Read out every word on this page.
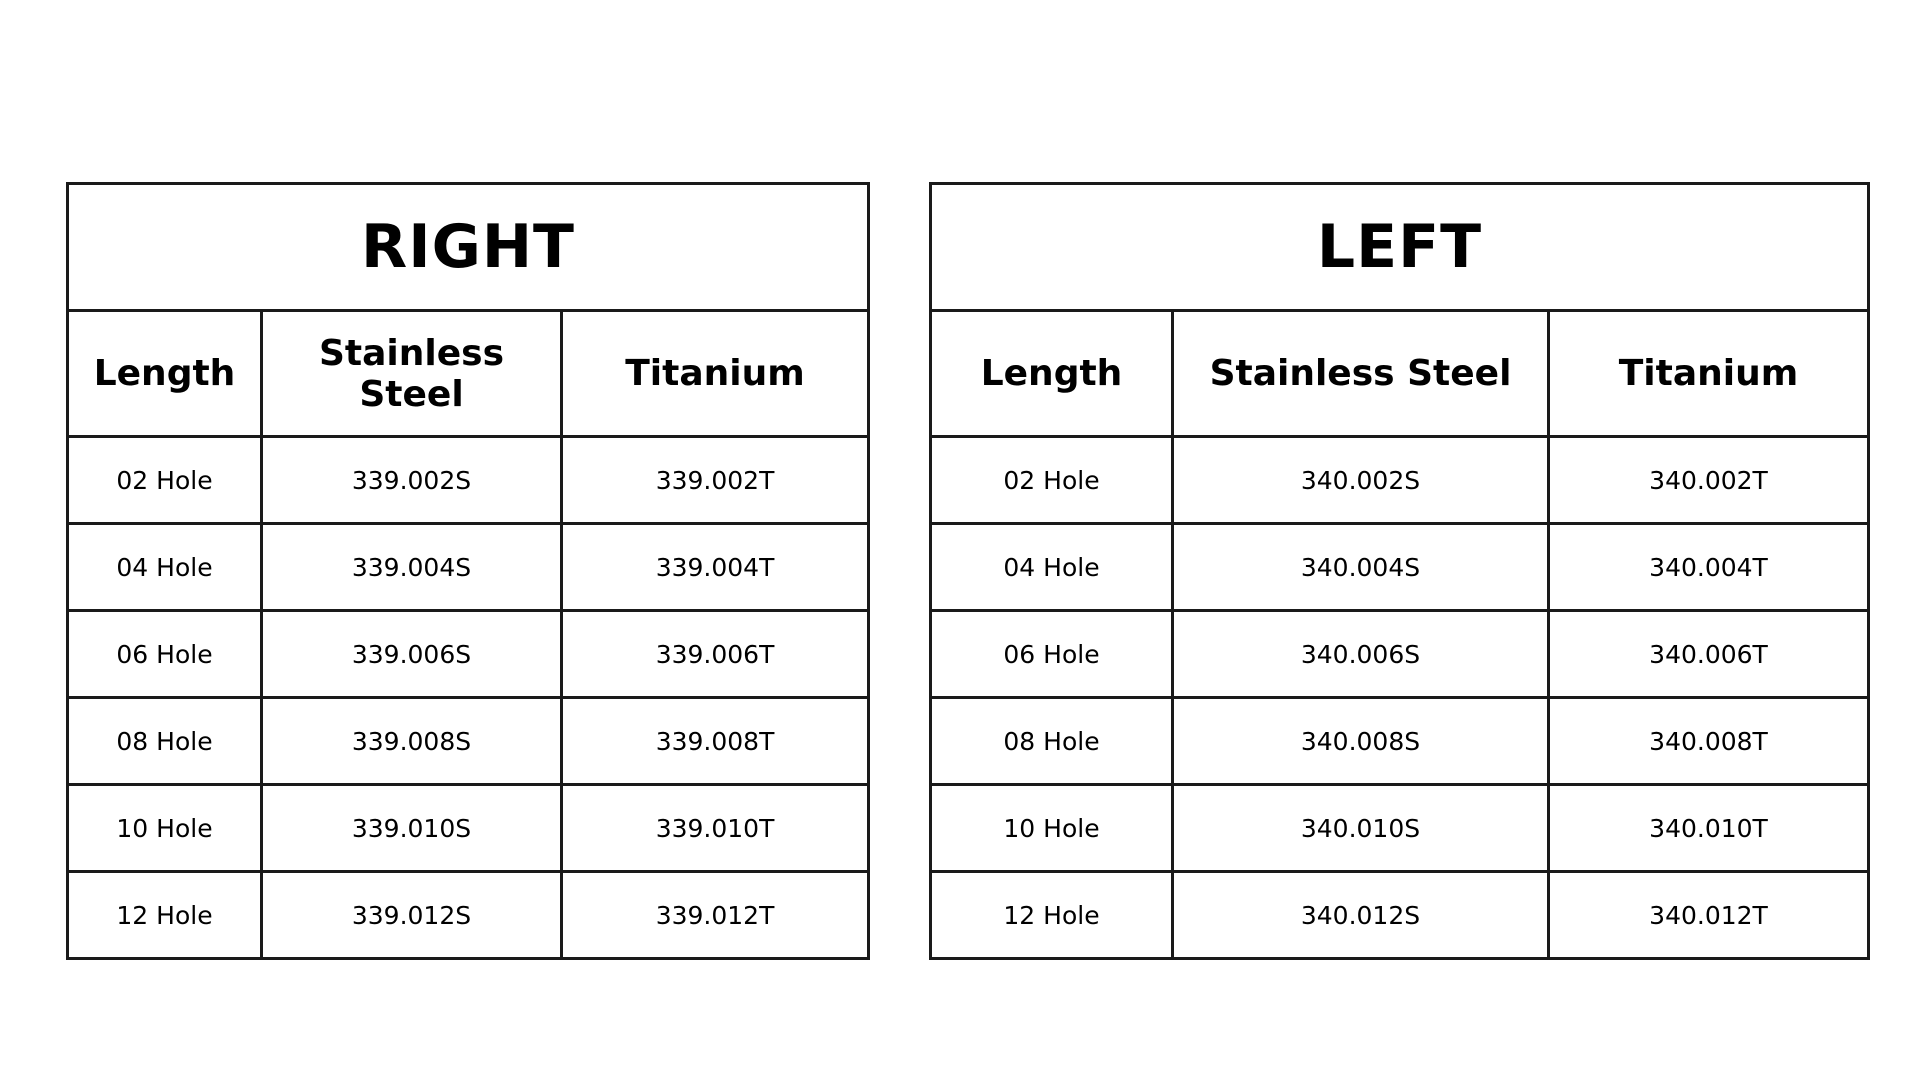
RIGHT		
Length	Stainless Steel	Titanium
02 Hole	339.002S	339.002T
04 Hole	339.004S	339.004T
06 Hole	339.006S	339.006T
08 Hole	339.008S	339.008T
10 Hole	339.010S	339.010T
12 Hole	339.012S	339.012T
LEFT		
Length	Stainless Steel	Titanium
02 Hole	340.002S	340.002T
04 Hole	340.004S	340.004T
06 Hole	340.006S	340.006T
08 Hole	340.008S	340.008T
10 Hole	340.010S	340.010T
12 Hole	340.012S	340.012T
